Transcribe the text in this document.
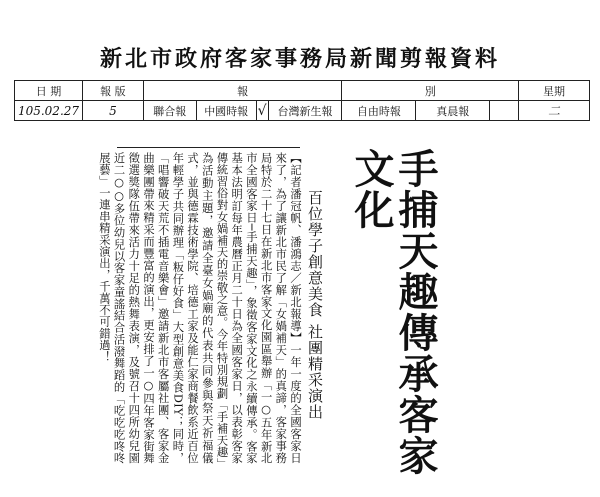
新北市政府客家事務局新聞剪報資料
日 期	報 版	報				別			星期
105.02.27	5	聯合報	中國時報	√	台灣新生報	自由時報	真晨報		二
手捕天趣傳承客家文化
百位學子創意美食 社團精采演出
【記者潘冠帆、潘鴻志／新北報導】一年一度的全國客家日來了，為了讓新北市民了解「女媧補天」的真諦，客家事務局特於二十七日在新北市客家文化園區舉辦「一○五年新北市全國客家日─手捕天趣」，象徵客家文化之永續傳承。客家基本法明訂每年農曆正月二十日為全國客家日，以表彰客家傳統習俗對女媧補天的崇敬之意。今年特別規劃「手補天趣」為活動主題，邀請全臺女媧廟的代表共同參與祭天祈福儀式，並與德霖技術學院、培德工家及能仁家商餐飲系近百位年輕學子共同辦理「粄仔好食」大型創意美食DIY；同時，「唱響破天荒不插電音樂會」邀請新北市客屬社團、客家金曲樂團帶來精采而豐富的演出，更安排了一○四年客家街舞徵選獎隊伍帶來活力十足的熱舞表演，及號召十四所幼兒園近二○○多位幼兒以客家童謠結合活潑舞蹈的「吃吃吃咚咚展藝」一連串精采演出，千萬不可錯過！
